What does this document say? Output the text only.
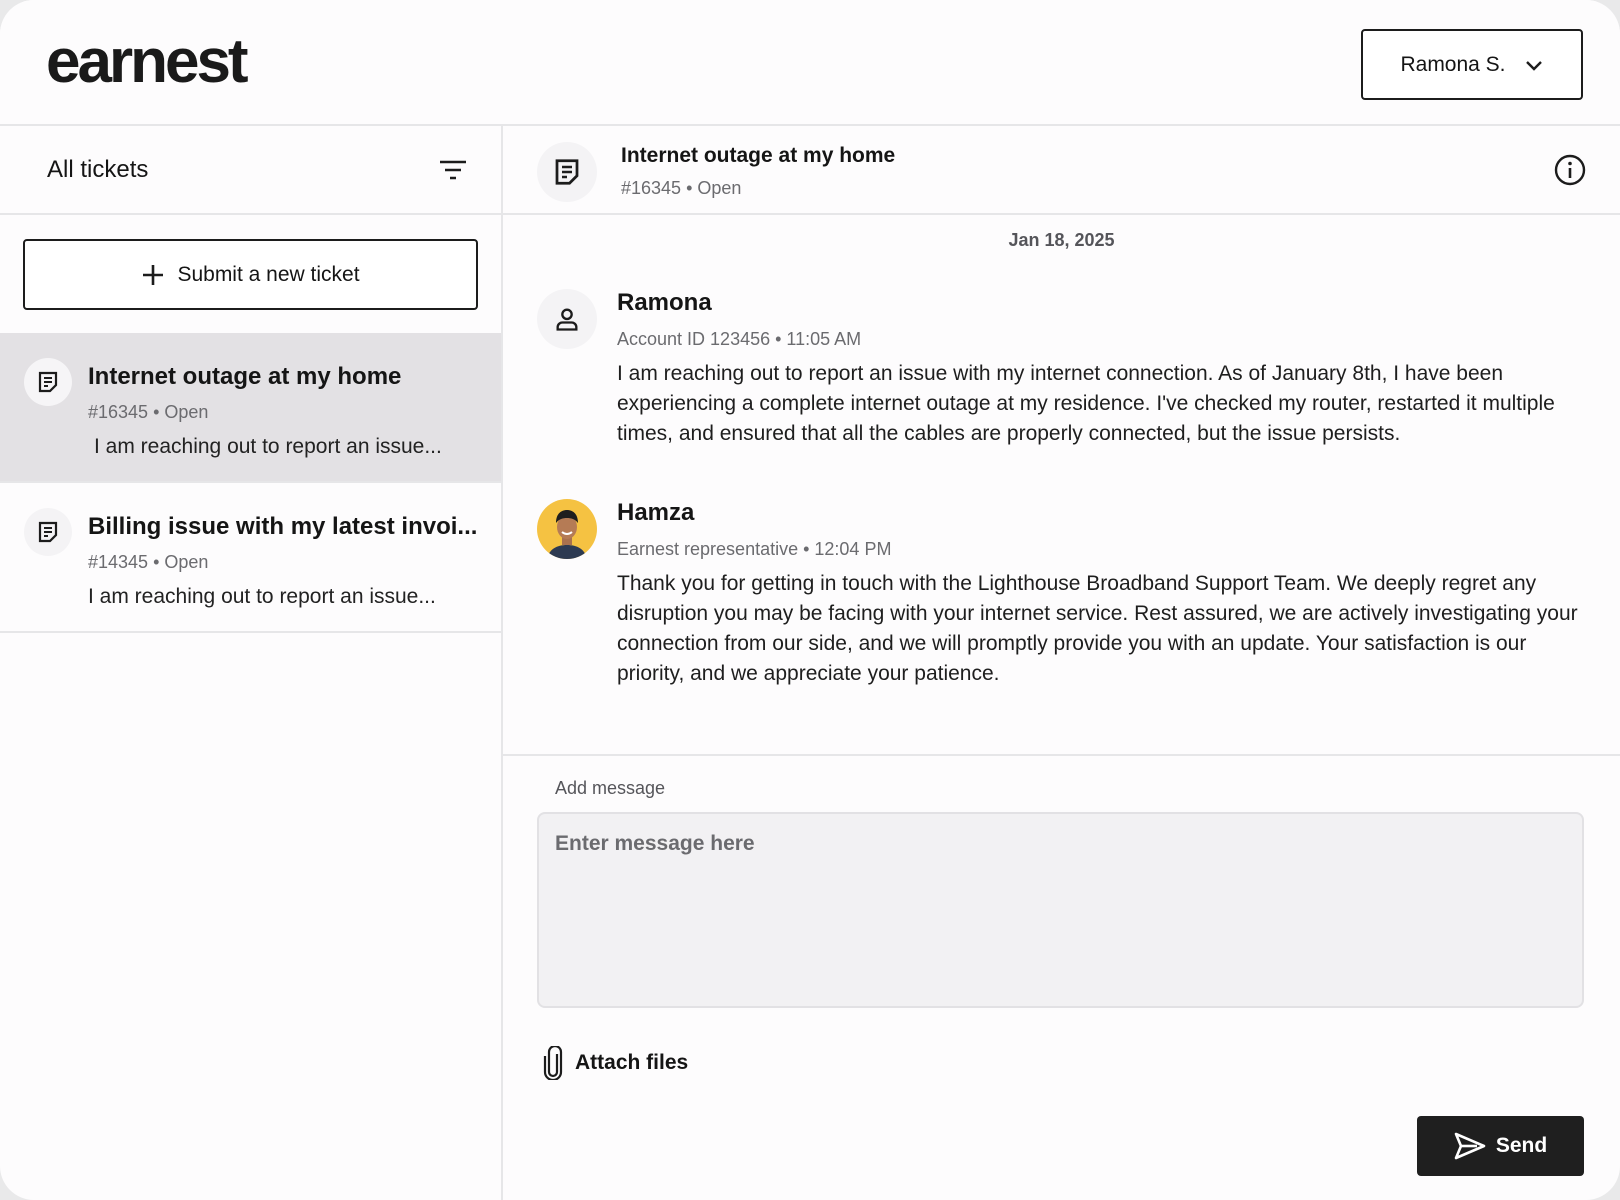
earnest	Ramona S.
All tickets
Submit a new ticket
Internet outage at my home
#16345 • Open
I am reaching out to report an issue...
Billing issue with my latest invoi...
#14345 • Open
I am reaching out to report an issue...
Internet outage at my home
#16345 • Open
Jan 18, 2025
Ramona
Account ID 123456 • 11:05 AM
I am reaching out to report an issue with my internet connection. As of January 8th, I have been experiencing a complete internet outage at my residence. I've checked my router, restarted it multiple times, and ensured that all the cables are properly connected, but the issue persists.
Hamza
Earnest representative • 12:04 PM
Thank you for getting in touch with the Lighthouse Broadband Support Team. We deeply regret any disruption you may be facing with your internet service. Rest assured, we are actively investigating your connection from our side, and we will promptly provide you with an update. Your satisfaction is our priority, and we appreciate your patience.
Add message
Enter message here
Attach files
Send
